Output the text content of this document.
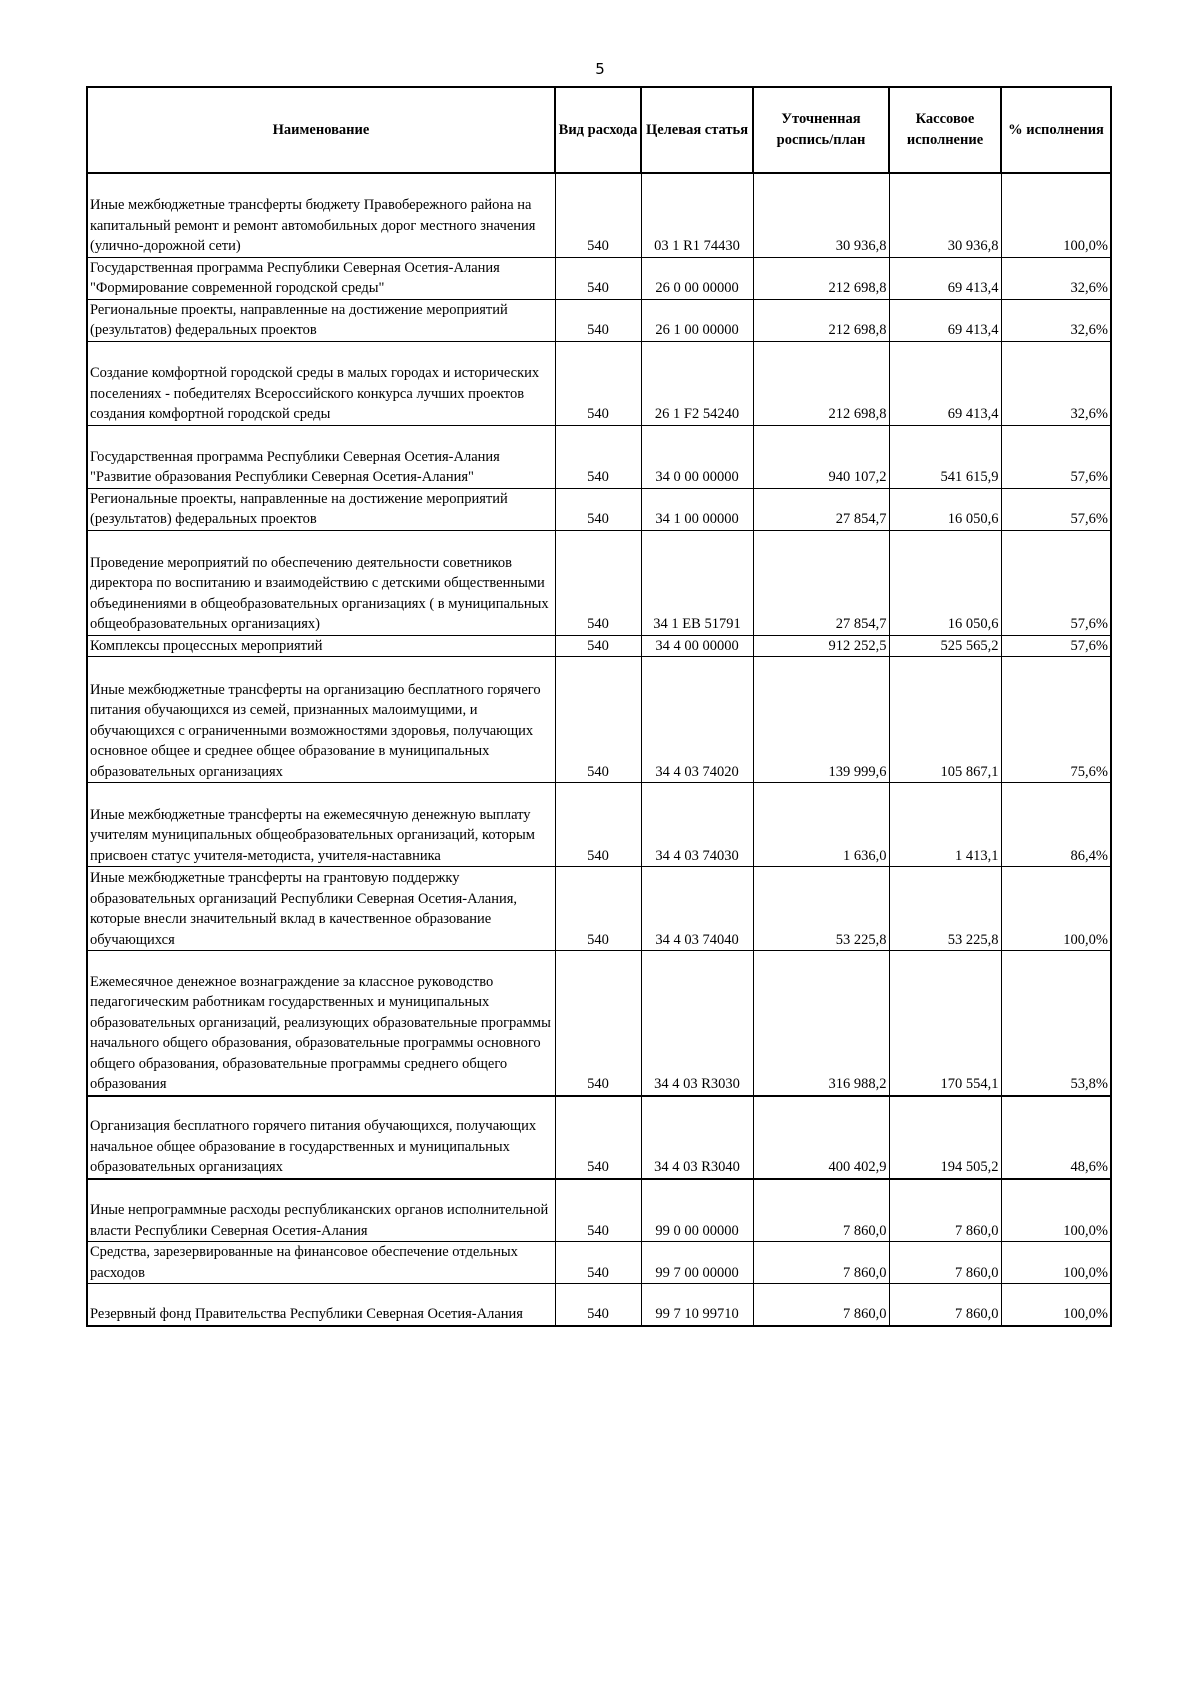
5
Наименование	Вид расхода	Целевая статья	Уточненная роспись/план	Кассовое исполнение	% исполнения
Иные межбюджетные трансферты бюджету Правобережного района на капитальный ремонт и ремонт автомобильных дорог местного значения (улично-дорожной сети)	540	03 1 R1 74430	30 936,8	30 936,8	100,0%
Государственная программа Республики Северная Осетия-Алания "Формирование современной городской среды"	540	26 0 00 00000	212 698,8	69 413,4	32,6%
Региональные проекты, направленные на достижение мероприятий (результатов) федеральных проектов	540	26 1 00 00000	212 698,8	69 413,4	32,6%
Создание комфортной городской среды в малых городах и исторических поселениях - победителях Всероссийского конкурса лучших проектов создания комфортной городской среды	540	26 1 F2 54240	212 698,8	69 413,4	32,6%
Государственная программа Республики Северная Осетия-Алания "Развитие образования Республики Северная Осетия-Алания"	540	34 0 00 00000	940 107,2	541 615,9	57,6%
Региональные проекты, направленные на достижение мероприятий (результатов) федеральных проектов	540	34 1 00 00000	27 854,7	16 050,6	57,6%
Проведение мероприятий по обеспечению деятельности советников директора по воспитанию и взаимодействию с детскими общественными объединениями в общеобразовательных организациях ( в муниципальных общеобразовательных организациях)	540	34 1 EB 51791	27 854,7	16 050,6	57,6%
Комплексы процессных мероприятий	540	34 4 00 00000	912 252,5	525 565,2	57,6%
Иные межбюджетные трансферты на организацию бесплатного горячего питания обучающихся из семей, признанных малоимущими, и обучающихся с ограниченными возможностями здоровья, получающих основное общее и среднее общее образование в муниципальных образовательных организациях	540	34 4 03 74020	139 999,6	105 867,1	75,6%
Иные межбюджетные трансферты на ежемесячную денежную выплату учителям муниципальных общеобразовательных организаций, которым присвоен статус учителя-методиста, учителя-наставника	540	34 4 03 74030	1 636,0	1 413,1	86,4%
Иные межбюджетные трансферты на грантовую поддержку образовательных организаций Республики Северная Осетия-Алания, которые внесли значительный вклад в качественное образование обучающихся	540	34 4 03 74040	53 225,8	53 225,8	100,0%
Ежемесячное денежное вознаграждение за классное руководство педагогическим работникам государственных и муниципальных образовательных организаций, реализующих образовательные программы начального общего образования, образовательные программы основного общего образования, образовательные программы среднего общего образования	540	34 4 03 R3030	316 988,2	170 554,1	53,8%
Организация бесплатного горячего питания обучающихся, получающих начальное общее образование в государственных и муниципальных образовательных организациях	540	34 4 03 R3040	400 402,9	194 505,2	48,6%
Иные непрограммные расходы республиканских органов исполнительной власти Республики Северная Осетия-Алания	540	99 0 00 00000	7 860,0	7 860,0	100,0%
Средства, зарезервированные на финансовое обеспечение отдельных расходов	540	99 7 00 00000	7 860,0	7 860,0	100,0%
Резервный фонд Правительства Республики Северная Осетия-Алания	540	99 7 10 99710	7 860,0	7 860,0	100,0%
